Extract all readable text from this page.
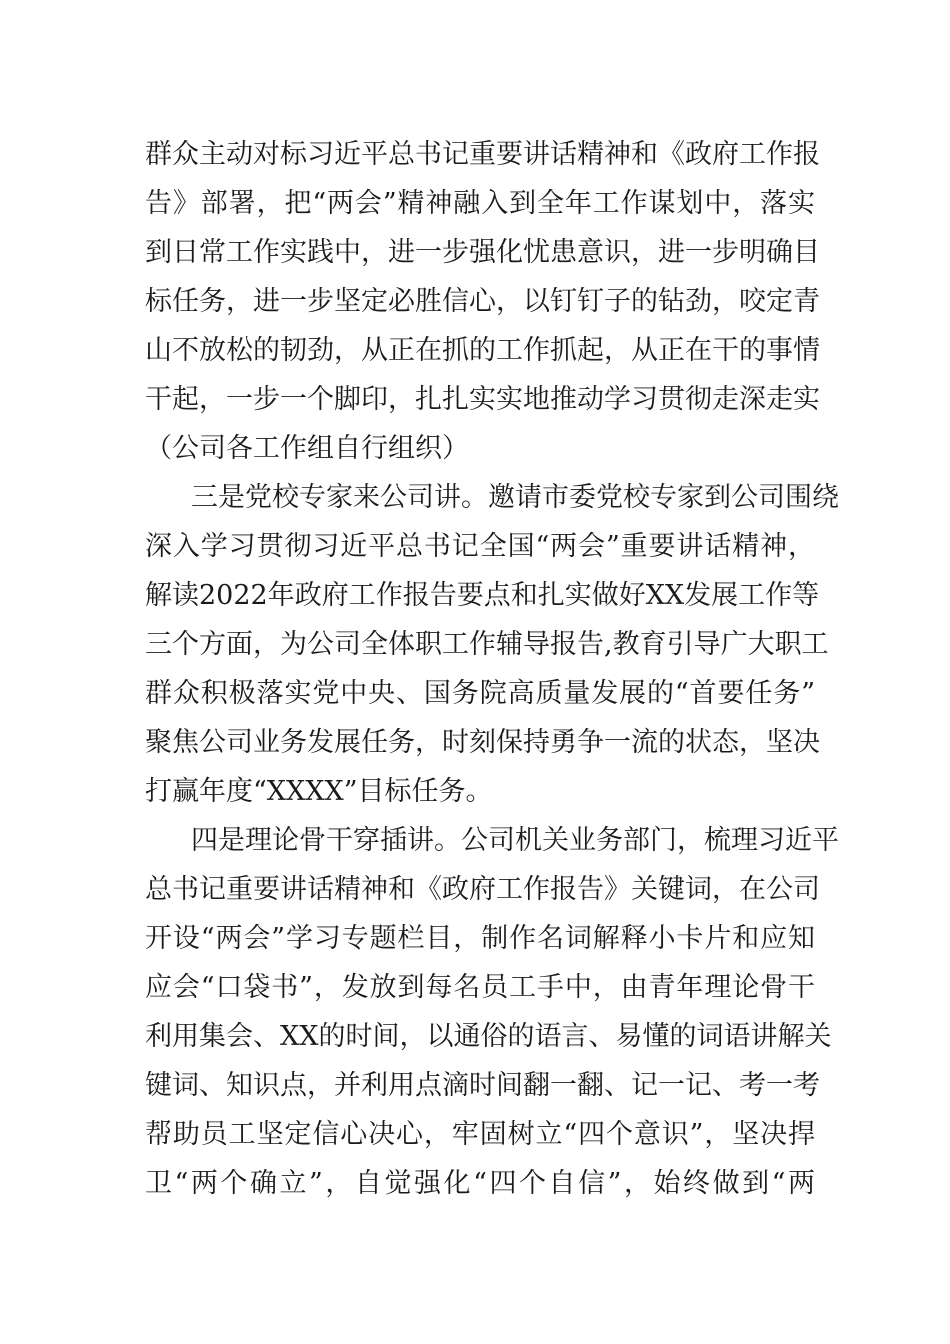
群众主动对标习近平总书记重要讲话精神和《政府工作报
告》部署，把“两会”精神融入到全年工作谋划中，落实
到日常工作实践中，进一步强化忧患意识，进一步明确目
标任务，进一步坚定必胜信心，以钉钉子的钻劲，咬定青
山不放松的韧劲，从正在抓的工作抓起，从正在干的事情
干起，一步一个脚印，扎扎实实地推动学习贯彻走深走实
（公司各工作组自行组织）
三是党校专家来公司讲。邀请市委党校专家到公司围绕
深入学习贯彻习近平总书记全国“两会”重要讲话精神，
解读2022年政府工作报告要点和扎实做好XX发展工作等
三个方面，为公司全体职工作辅导报告,教育引导广大职工
群众积极落实党中央、国务院高质量发展的“首要任务”
聚焦公司业务发展任务，时刻保持勇争一流的状态，坚决
打赢年度“XXXX”目标任务。
四是理论骨干穿插讲。公司机关业务部门，梳理习近平
总书记重要讲话精神和《政府工作报告》关键词，在公司
开设“两会”学习专题栏目，制作名词解释小卡片和应知
应会“口袋书”，发放到每名员工手中，由青年理论骨干
利用集会、XX的时间，以通俗的语言、易懂的词语讲解关
键词、知识点，并利用点滴时间翻一翻、记一记、考一考
帮助员工坚定信心决心，牢固树立“四个意识”，坚决捍
卫“两个确立”，自觉强化“四个自信”，始终做到“两
